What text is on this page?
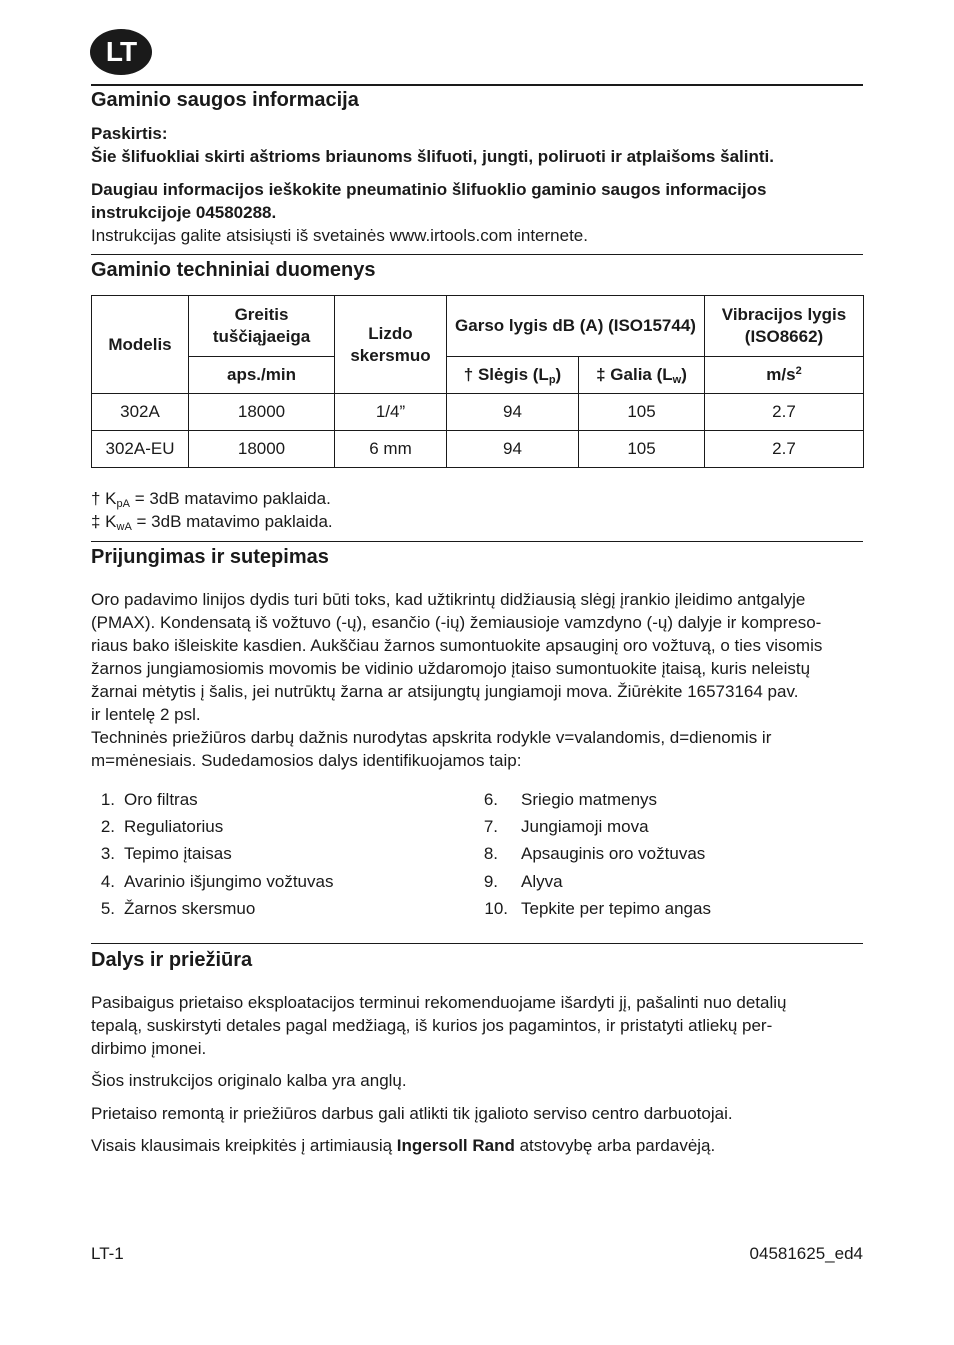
LT
Gaminio saugos informacija
Paskirtis:
Šie šlifuokliai skirti aštrioms briaunoms šlifuoti, jungti, poliruoti ir atplaišoms šalinti.
Daugiau informacijos ieškokite pneumatinio šlifuoklio gaminio saugos informacijos instrukcijoje 04580288.
Instrukcijas galite atsisiųsti iš svetainės www.irtools.com internete.
Gaminio techniniai duomenys
Modelis	Greitis tuščiąjaeiga	Lizdo skersmuo	Garso lygis dB (A) (ISO15744)		Vibracijos lygis (ISO8662)
	aps./min		† Slėgis $(L_p)$	‡ Galia $(L_w)$	$m/s^2$
302A	18000	1/4”	94	105	2.7
302A-EU	18000	6 mm	94	105	2.7
† $K_{pA} = 3dB$ matavimo paklaida.
‡ $K_{wA} = 3dB$ matavimo paklaida.
Prijungimas ir sutepimas
Oro padavimo linijos dydis turi būti toks, kad užtikrintų didžiausią slėgį įrankio įleidimo antgalyje
(PMAX). Kondensatą iš vožtuvo (-ų), esančio (-ių) žemiausioje vamzdyno (-ų) dalyje ir kompreso-
riaus bako išleiskite kasdien. Aukščiau žarnos sumontuokite apsauginį oro vožtuvą, o ties visomis
žarnos jungiamosiomis movomis be vidinio uždaromojo įtaiso sumontuokite įtaisą, kuris neleistų
žarnai mėtytis į šalis, jei nutrūktų žarna ar atsijungtų jungiamoji mova. Žiūrėkite 16573164 pav.
ir lentelę 2 psl.
Techninės priežiūros darbų dažnis nurodytas apskrita rodykle v=valandomis, d=dienomis ir
m=mėnesiais. Sudedamosios dalys identifikuojamos taip:
1. Oro filtras
2. Reguliatorius
3. Tepimo įtaisas
4. Avarinio išjungimo vožtuvas
5. Žarnos skersmuo
6. Sriegio matmenys
7. Jungiamoji mova
8. Apsauginis oro vožtuvas
9. Alyva
10. Tepkite per tepimo angas
Dalys ir priežiūra
Pasibaigus prietaiso eksploatacijos terminui rekomenduojame išardyti jį, pašalinti nuo detalių
tepalą, suskirstyti detales pagal medžiagą, iš kurios jos pagamintos, ir pristatyti atliekų per-
dirbimo įmonei.
Šios instrukcijos originalo kalba yra anglų.
Prietaiso remontą ir priežiūros darbus gali atlikti tik įgalioto serviso centro darbuotojai.
Visais klausimais kreipkitės į artimiausią Ingersoll Rand atstovybę arba pardavėją.
LT-1	04581625_ed4
